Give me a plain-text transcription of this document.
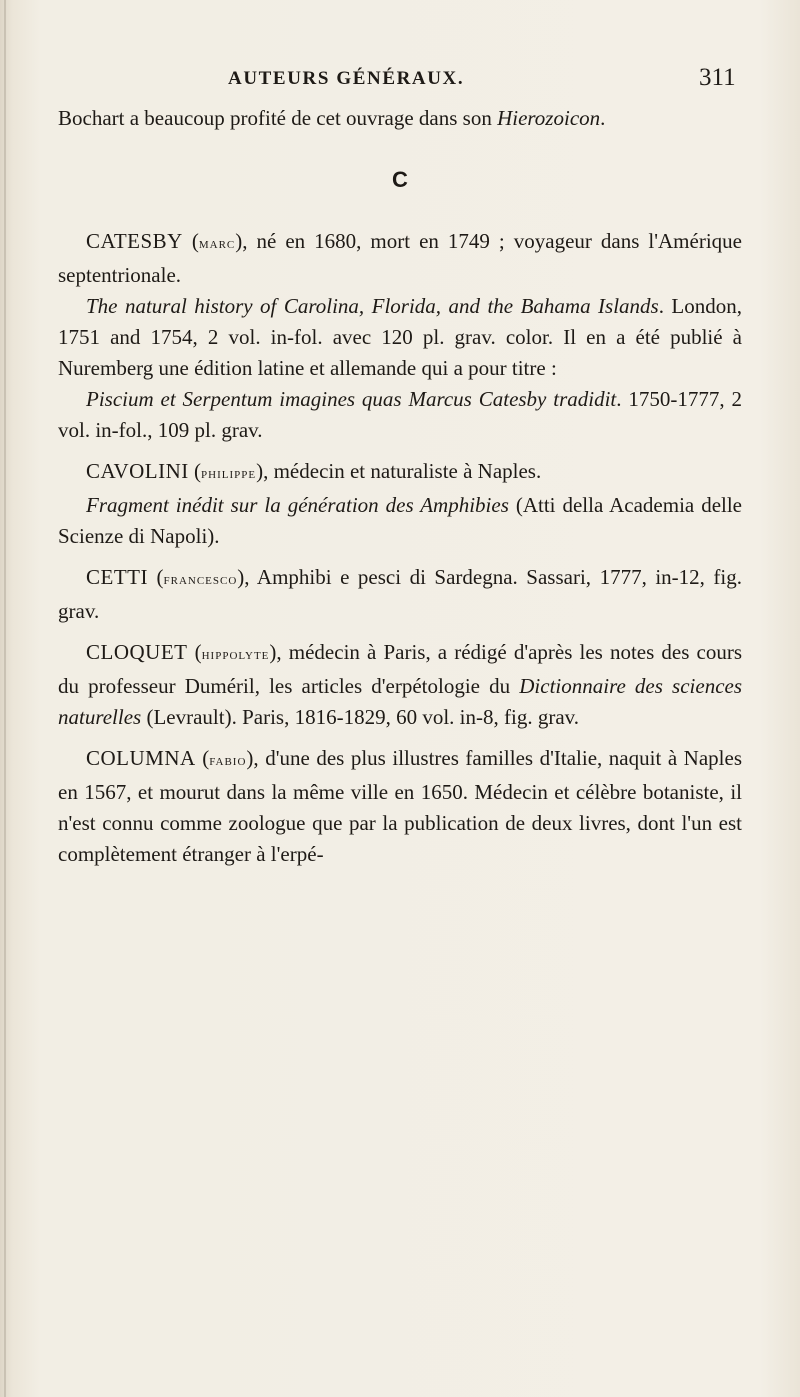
AUTEURS GÉNÉRAUX.	311

Bochart a beaucoup profité de cet ouvrage dans son Hierozoicon.

C

CATESBY (marc), né en 1680, mort en 1749 ; voyageur dans l'Amérique septentrionale.

The natural history of Carolina, Florida, and the Bahama Islands. London, 1751 and 1754, 2 vol. in-fol. avec 120 pl. grav. color. Il en a été publié à Nuremberg une édition latine et allemande qui a pour titre :

Piscium et Serpentum imagines quas Marcus Catesby tradidit. 1750-1777, 2 vol. in-fol., 109 pl. grav.

CAVOLINI (philippe), médecin et naturaliste à Naples.

Fragment inédit sur la génération des Amphibies (Atti della Academia delle Scienze di Napoli).

CETTI (francesco), Amphibi e pesci di Sardegna. Sassari, 1777, in-12, fig. grav.

CLOQUET (hippolyte), médecin à Paris, a rédigé d'après les notes des cours du professeur Duméril, les articles d'erpétologie du Dictionnaire des sciences naturelles (Levrault). Paris, 1816-1829, 60 vol. in-8, fig. grav.

COLUMNA (fabio), d'une des plus illustres familles d'Italie, naquit à Naples en 1567, et mourut dans la même ville en 1650. Médecin et célèbre botaniste, il n'est connu comme zoologue que par la publication de deux livres, dont l'un est complètement étranger à l'erpé-
